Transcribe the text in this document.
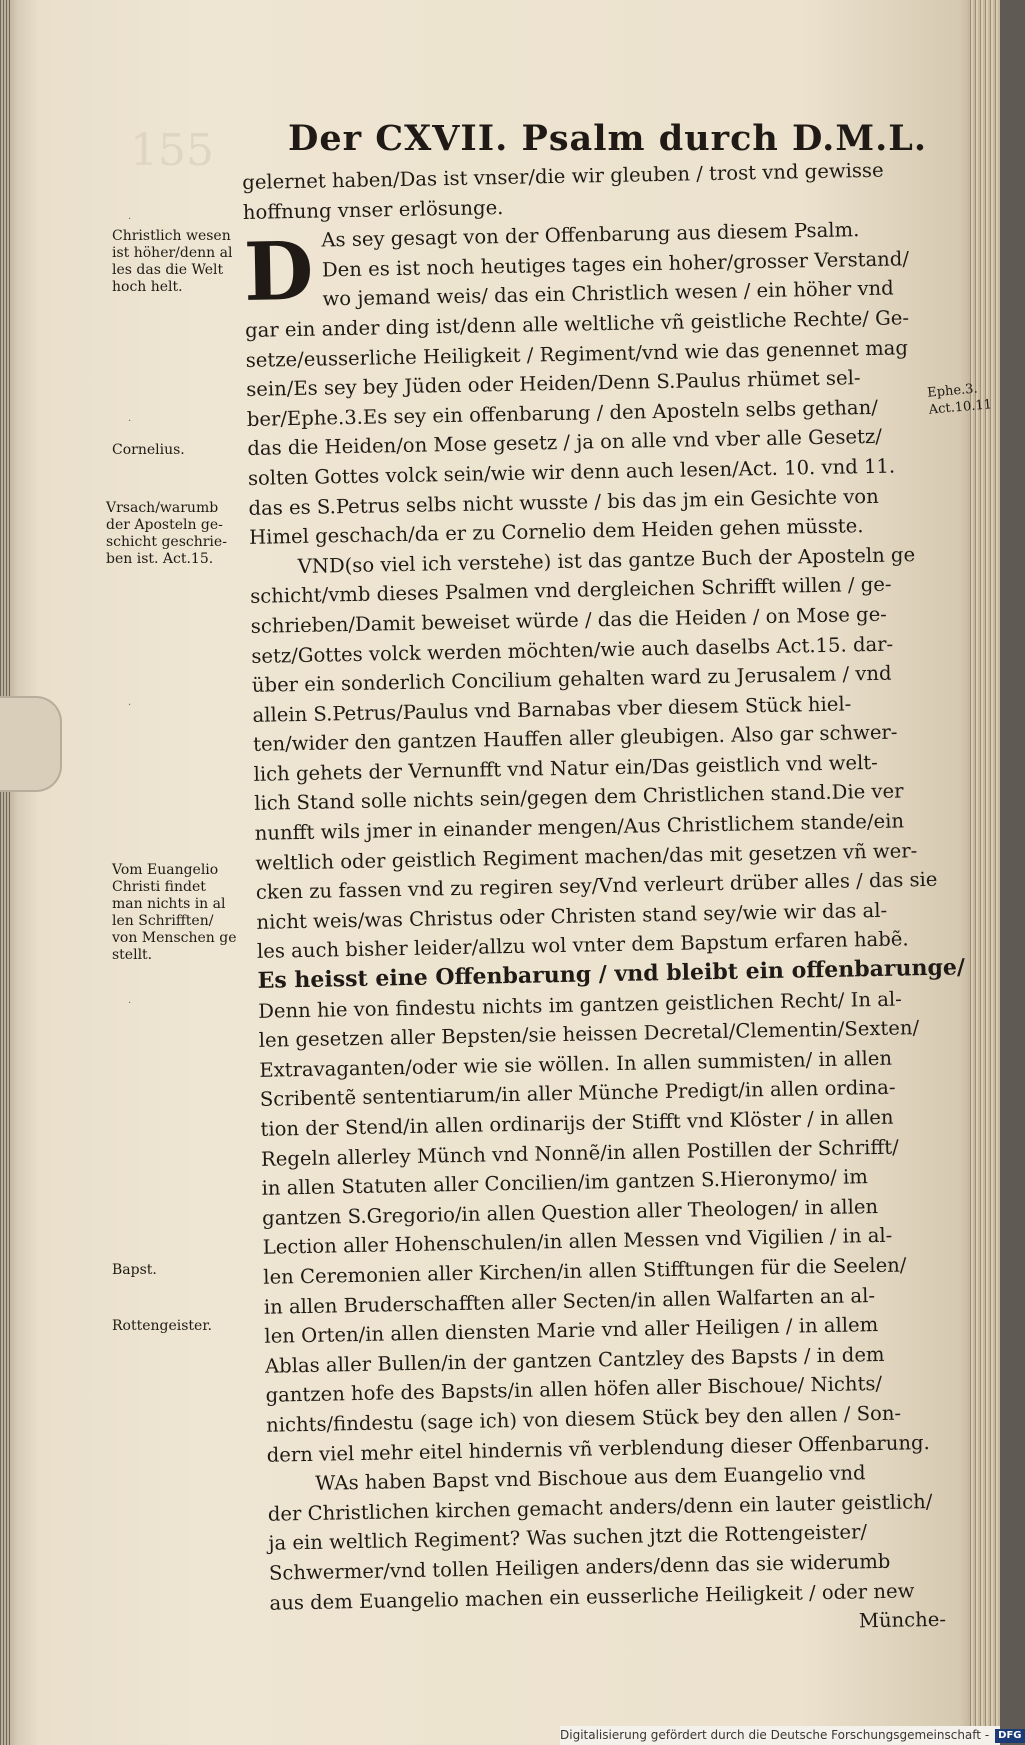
155 Der CXVII. Psalm durch D.M.L.
D
gelernet haben/Das ist vnser/die wir gleuben / trost vnd gewisse
hoffnung vnser erlösunge.
As sey gesagt von der Offenbarung aus diesem Psalm.
Den es ist noch heutiges tages ein hoher/grosser Verstand/
wo jemand weis/ das ein Christlich wesen / ein höher vnd
gar ein ander ding ist/denn alle weltliche vñ geistliche Rechte/ Ge-
setze/eusserliche Heiligkeit / Regiment/vnd wie das genennet mag
sein/Es sey bey Jüden oder Heiden/Denn S.Paulus rhümet sel-
ber/Ephe.3.Es sey ein offenbarung / den Aposteln selbs gethan/
das die Heiden/on Mose gesetz / ja on alle vnd vber alle Gesetz/
solten Gottes volck sein/wie wir denn auch lesen/Act. 10. vnd 11.
das es S.Petrus selbs nicht wusste / bis das jm ein Gesichte von
Himel geschach/da er zu Cornelio dem Heiden gehen müsste.
VND(so viel ich verstehe) ist das gantze Buch der Aposteln ge
schicht/vmb dieses Psalmen vnd dergleichen Schrifft willen / ge-
schrieben/Damit beweiset würde / das die Heiden / on Mose ge-
setz/Gottes volck werden möchten/wie auch daselbs Act.15. dar-
über ein sonderlich Concilium gehalten ward zu Jerusalem / vnd
allein S.Petrus/Paulus vnd Barnabas vber diesem Stück hiel-
ten/wider den gantzen Hauffen aller gleubigen. Also gar schwer-
lich gehets der Vernunfft vnd Natur ein/Das geistlich vnd welt-
lich Stand solle nichts sein/gegen dem Christlichen stand.Die ver
nunfft wils jmer in einander mengen/Aus Christlichem stande/ein
weltlich oder geistlich Regiment machen/das mit gesetzen vñ wer-
cken zu fassen vnd zu regiren sey/Vnd verleurt drüber alles / das sie
nicht weis/was Christus oder Christen stand sey/wie wir das al-
les auch bisher leider/allzu wol vnter dem Bapstum erfaren habẽ.
Es heisst eine Offenbarung / vnd bleibt ein offenbarunge/
Denn hie von findestu nichts im gantzen geistlichen Recht/ In al-
len gesetzen aller Bepsten/sie heissen Decretal/Clementin/Sexten/
Extravaganten/oder wie sie wöllen. In allen summisten/ in allen
Scribentẽ sententiarum/in aller Münche Predigt/in allen ordina-
tion der Stend/in allen ordinarijs der Stifft vnd Klöster / in allen
Regeln allerley Münch vnd Nonnẽ/in allen Postillen der Schrifft/
in allen Statuten aller Concilien/im gantzen S.Hieronymo/ im
gantzen S.Gregorio/in allen Question aller Theologen/ in allen
Lection aller Hohenschulen/in allen Messen vnd Vigilien / in al-
len Ceremonien aller Kirchen/in allen Stifftungen für die Seelen/
in allen Bruderschafften aller Secten/in allen Walfarten an al-
len Orten/in allen diensten Marie vnd aller Heiligen / in allem
Ablas aller Bullen/in der gantzen Cantzley des Bapsts / in dem
gantzen hofe des Bapsts/in allen höfen aller Bischoue/ Nichts/
nichts/findestu (sage ich) von diesem Stück bey den allen / Son-
dern viel mehr eitel hindernis vñ verblendung dieser Offenbarung.
WAs haben Bapst vnd Bischoue aus dem Euangelio vnd
der Christlichen kirchen gemacht anders/denn ein lauter geistlich/
ja ein weltlich Regiment? Was suchen jtzt die Rottengeister/
Schwermer/vnd tollen Heiligen anders/denn das sie widerumb
aus dem Euangelio machen ein eusserliche Heiligkeit / oder new
Münche-
Christlich wesen
ist höher/denn al
les das die Welt
hoch helt.
·
Cornelius.
·
Vrsach/warumb
der Aposteln ge-
schicht geschrie-
ben ist. Act.15.
·
Vom Euangelio
Christi findet
man nichts in al
len Schrifften/
von Menschen ge
stellt.
·
Bapst.
Rottengeister.
Ephe.3.
Act.10.11
Digitalisierung gefördert durch die Deutsche Forschungsgemeinschaft - DFG
